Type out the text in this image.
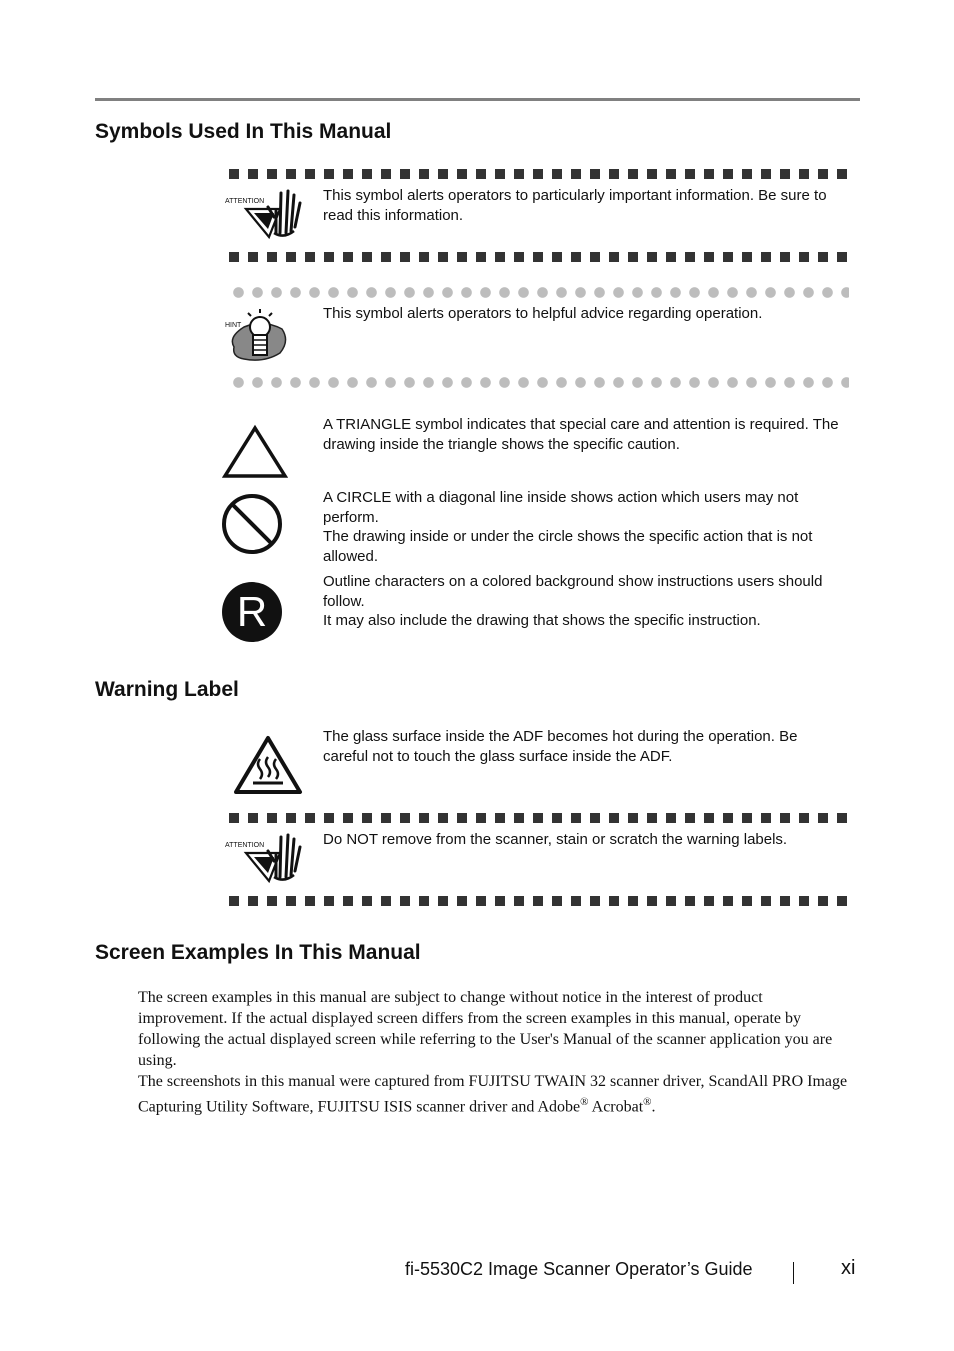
Symbols Used In This Manual
ATTENTION	This symbol alerts operators to particularly important information. Be sure to read this information.
HINT
This symbol alerts operators to helpful advice regarding operation.
A TRIANGLE symbol indicates that special care and attention is required. The drawing inside the triangle shows the specific caution.

A CIRCLE with a diagonal line inside shows action which users may not perform.

The drawing inside or under the circle shows the specific action that is not allowed.

R

Outline characters on a colored background show instructions users should follow.

It may also include the drawing that shows the specific instruction.

Warning Label
The glass surface inside the ADF becomes hot during the operation. Be careful not to touch the glass surface inside the ADF.
ATTENTION	Do NOT remove from the scanner, stain or scratch the warning labels.
Screen Examples In This Manual

The screen examples in this manual are subject to change without notice in the interest of product improvement. If the actual displayed screen differs from the screen examples in this manual, operate by following the actual displayed screen while referring to the User's Manual of the scanner application you are using.

The screenshots in this manual were captured from FUJITSU TWAIN 32 scanner driver, ScandAll PRO Image Capturing Utility Software, FUJITSU ISIS scanner driver and Adobe® Acrobat®.

fi-5530C2 Image Scanner Operator’s Guide	xi
